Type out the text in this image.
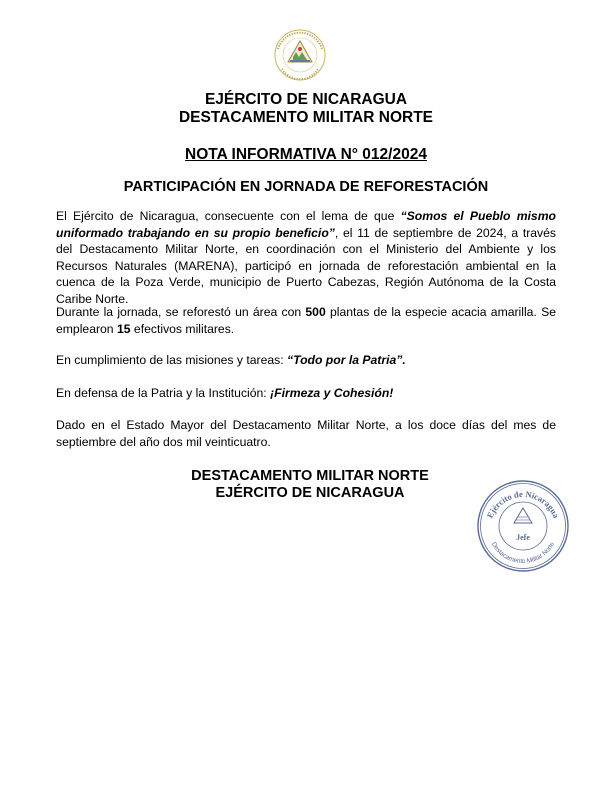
EJÉRCITO DE NICARAGUA
DESTACAMENTO MILITAR NORTE
NOTA INFORMATIVA N° 012/2024
PARTICIPACIÓN EN JORNADA DE REFORESTACIÓN
El Ejército de Nicaragua, consecuente con el lema de que “Somos el Pueblo mismo uniformado trabajando en su propio beneficio”, el 11 de septiembre de 2024, a través del Destacamento Militar Norte, en coordinación con el Ministerio del Ambiente y los Recursos Naturales (MARENA), participó en jornada de reforestación ambiental en la cuenca de la Poza Verde, municipio de Puerto Cabezas, Región Autónoma de la Costa Caribe Norte.
Durante la jornada, se reforestó un área con 500 plantas de la especie acacia amarilla. Se emplearon 15 efectivos militares.
En cumplimiento de las misiones y tareas: “Todo por la Patria”.
En defensa de la Patria y la Institución: ¡Firmeza y Cohesión!
Dado en el Estado Mayor del Destacamento Militar Norte, a los doce días del mes de septiembre del año dos mil veinticuatro.
DESTACAMENTO MILITAR NORTE
EJÉRCITO DE NICARAGUA
Ejército de Nicaragua
Destacamento Militar Norte
Jefe
